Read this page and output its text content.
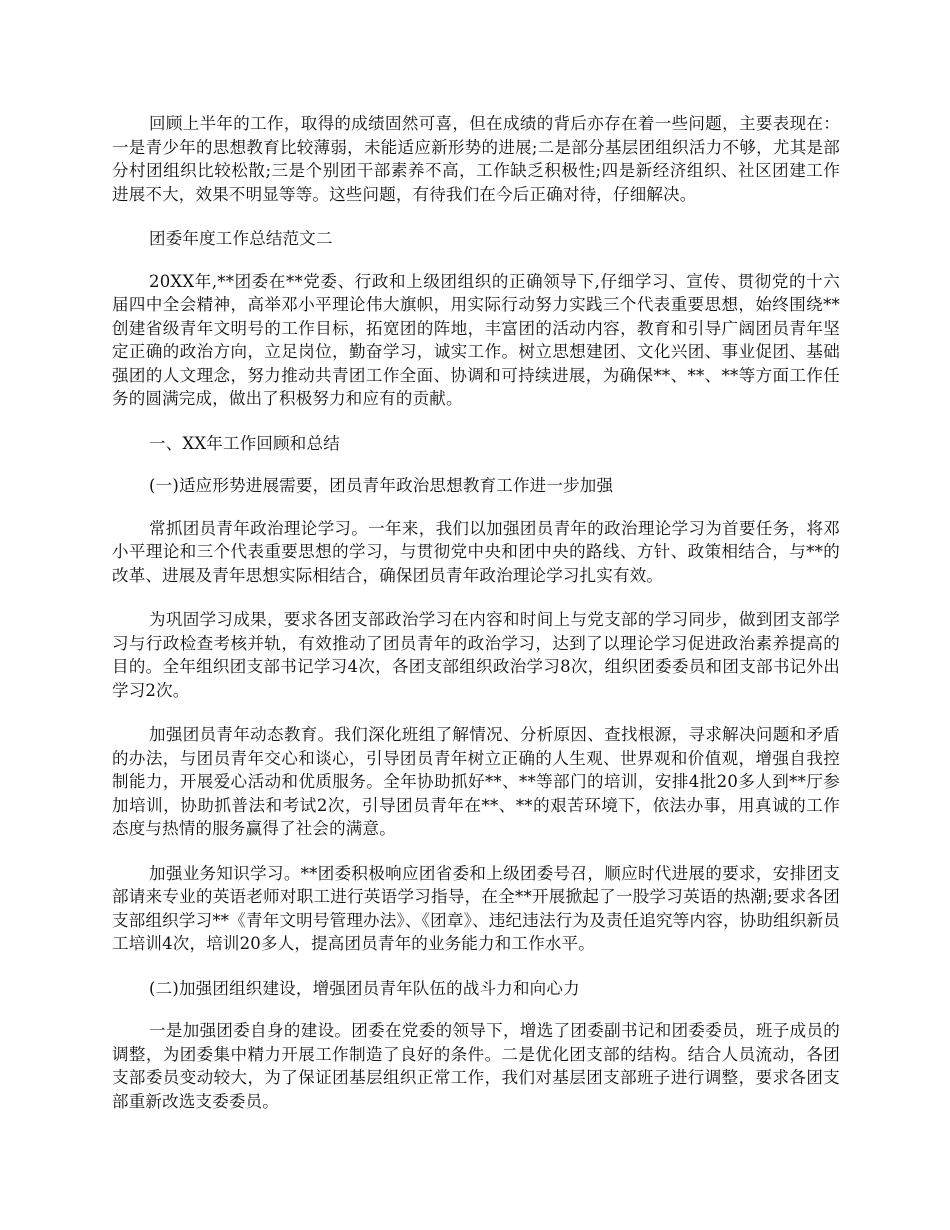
回顾上半年的工作，取得的成绩固然可喜，但在成绩的背后亦存在着一些问题，主要表现在：一是青少年的思想教育比较薄弱，未能适应新形势的进展;二是部分基层团组织活力不够，尤其是部分村团组织比较松散;三是个别团干部素养不高，工作缺乏积极性;四是新经济组织、社区团建工作进展不大，效果不明显等等。这些问题，有待我们在今后正确对待，仔细解决。

团委年度工作总结范文二

20XX年,**团委在**党委、行政和上级团组织的正确领导下,仔细学习、宣传、贯彻党的十六届四中全会精神，高举邓小平理论伟大旗帜，用实际行动努力实践三个代表重要思想，始终围绕**创建省级青年文明号的工作目标，拓宽团的阵地，丰富团的活动内容，教育和引导广阔团员青年坚定正确的政治方向，立足岗位，勤奋学习，诚实工作。树立思想建团、文化兴团、事业促团、基础强团的人文理念，努力推动共青团工作全面、协调和可持续进展，为确保**、**、**等方面工作任务的圆满完成，做出了积极努力和应有的贡献。

一、XX年工作回顾和总结

(一)适应形势进展需要，团员青年政治思想教育工作进一步加强

常抓团员青年政治理论学习。一年来，我们以加强团员青年的政治理论学习为首要任务，将邓小平理论和三个代表重要思想的学习，与贯彻党中央和团中央的路线、方针、政策相结合，与**的改革、进展及青年思想实际相结合，确保团员青年政治理论学习扎实有效。

为巩固学习成果，要求各团支部政治学习在内容和时间上与党支部的学习同步，做到团支部学习与行政检查考核并轨，有效推动了团员青年的政治学习，达到了以理论学习促进政治素养提高的目的。全年组织团支部书记学习4次，各团支部组织政治学习8次，组织团委委员和团支部书记外出学习2次。

加强团员青年动态教育。我们深化班组了解情况、分析原因、查找根源，寻求解决问题和矛盾的办法，与团员青年交心和谈心，引导团员青年树立正确的人生观、世界观和价值观，增强自我控制能力，开展爱心活动和优质服务。全年协助抓好**、**等部门的培训，安排4批20多人到**厅参加培训，协助抓普法和考试2次，引导团员青年在**、**的艰苦环境下，依法办事，用真诚的工作态度与热情的服务赢得了社会的满意。

加强业务知识学习。**团委积极响应团省委和上级团委号召，顺应时代进展的要求，安排团支部请来专业的英语老师对职工进行英语学习指导，在全**开展掀起了一股学习英语的热潮;要求各团支部组织学习**《青年文明号管理办法》、《团章》、违纪违法行为及责任追究等内容，协助组织新员工培训4次，培训20多人，提高团员青年的业务能力和工作水平。

(二)加强团组织建设，增强团员青年队伍的战斗力和向心力

一是加强团委自身的建设。团委在党委的领导下，增选了团委副书记和团委委员，班子成员的调整，为团委集中精力开展工作制造了良好的条件。二是优化团支部的结构。结合人员流动，各团支部委员变动较大，为了保证团基层组织正常工作，我们对基层团支部班子进行调整，要求各团支部重新改选支委委员。
